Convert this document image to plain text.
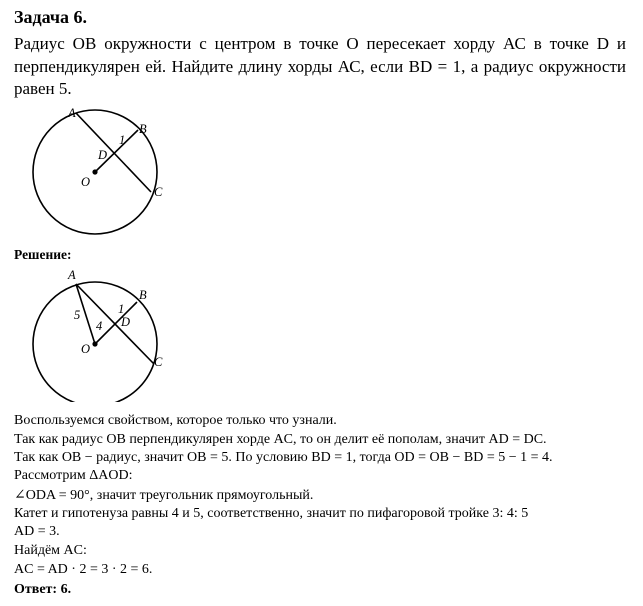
Задача 6.
Радиус ОВ окружности с центром в точке О пересекает хорду АС в точке D и перпендикулярен ей. Найдите длину хорды АС, если BD = 1, а радиус окружности равен 5.
A
B
C
D
O
1
Решение:
A
B
C
D
O
1
5
4
Воспользуемся свойством, которое только что узнали.
Так как радиус OB перпендикулярен хорде AC, то он делит её пополам, значит AD = DC.
Так как OB − радиус, значит OB = 5. По условию BD = 1, тогда OD = OB − BD = 5 − 1 = 4.
Рассмотрим ΔAOD:
∠ODA = 90°, значит треугольник прямоугольный.
Катет и гипотенуза равны 4 и 5, соответственно, значит по пифагоровой тройке 3: 4: 5
AD = 3.
Найдём AC:
AC = AD · 2 = 3 · 2 = 6.
Ответ: 6.
